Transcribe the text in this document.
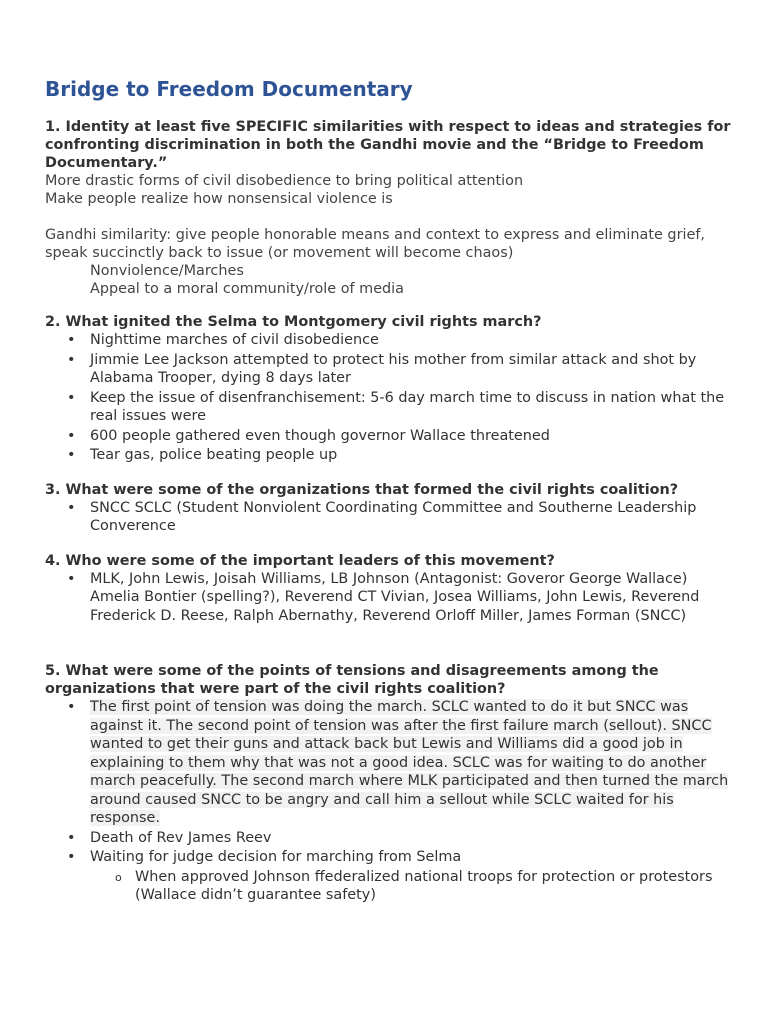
Bridge to Freedom Documentary
1. Identity at least five SPECIFIC similarities with respect to ideas and strategies for confronting discrimination in both the Gandhi movie and the “Bridge to Freedom Documentary.”
More drastic forms of civil disobedience to bring political attention
Make people realize how nonsensical violence is
Gandhi similarity: give people honorable means and context to express and eliminate grief, speak succinctly back to issue (or movement will become chaos)
Nonviolence/Marches
Appeal to a moral community/role of media
2. What ignited the Selma to Montgomery civil rights march?
• Nighttime marches of civil disobedience
• Jimmie Lee Jackson attempted to protect his mother from similar attack and shot by Alabama Trooper, dying 8 days later
• Keep the issue of disenfranchisement: 5-6 day march time to discuss in nation what the real issues were
• 600 people gathered even though governor Wallace threatened
• Tear gas, police beating people up
3. What were some of the organizations that formed the civil rights coalition?
• SNCC SCLC (Student Nonviolent Coordinating Committee and Southerne Leadership Converence
4. Who were some of the important leaders of this movement?
• MLK, John Lewis, Joisah Williams, LB Johnson (Antagonist: Goveror George Wallace) Amelia Bontier (spelling?), Reverend CT Vivian, Josea Williams, John Lewis, Reverend Frederick D. Reese, Ralph Abernathy, Reverend Orloff Miller, James Forman (SNCC)
5. What were some of the points of tensions and disagreements among the organizations that were part of the civil rights coalition?
• The first point of tension was doing the march. SCLC wanted to do it but SNCC was against it. The second point of tension was after the first failure march (sellout). SNCC wanted to get their guns and attack back but Lewis and Williams did a good job in explaining to them why that was not a good idea. SCLC was for waiting to do another march peacefully. The second march where MLK participated and then turned the march around caused SNCC to be angry and call him a sellout while SCLC waited for his response.
• Death of Rev James Reev
• Waiting for judge decision for marching from Selma
o When approved Johnson ffederalized national troops for protection or protestors (Wallace didn’t guarantee safety)
